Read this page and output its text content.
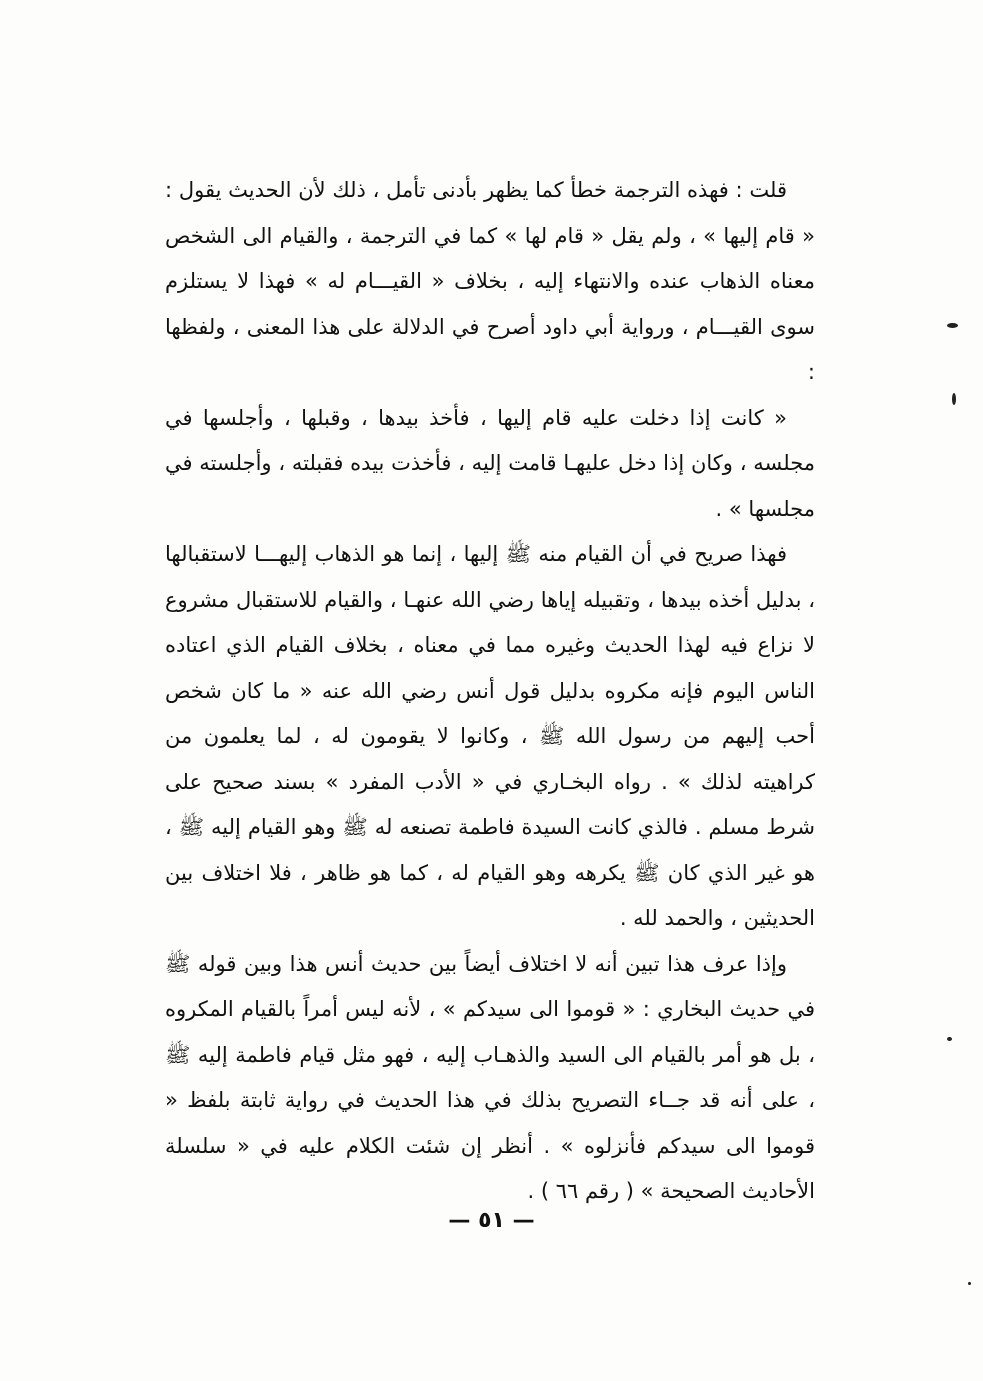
قلت : فهذه الترجمة خطأ كما يظهر بأدنى تأمل ، ذلك لأن الحديث يقول : « قام إليها » ، ولم يقل « قام لها » كما في الترجمة ، والقيام الى الشخص معناه الذهاب عنده والانتهاء إليه ، بخلاف « القيـــام له » فهذا لا يستلزم سوى القيـــام ، ورواية أبي داود أصرح في الدلالة على هذا المعنى ، ولفظها :

« كانت إذا دخلت عليه قام إليها ، فأخذ بيدها ، وقبلها ، وأجلسها في مجلسه ، وكان إذا دخل عليهـا قامت إليه ، فأخذت بيده فقبلته ، وأجلسته في مجلسها » .

فهذا صريح في أن القيام منه ﷺ إليها ، إنما هو الذهاب إليهـــا لاستقبالها ، بدليل أخذه بيدها ، وتقبيله إياها رضي الله عنهـا ، والقيام للاستقبال مشروع لا نزاع فيه لهذا الحديث وغيره مما في معناه ، بخلاف القيام الذي اعتاده الناس اليوم فإنه مكروه بدليل قول أنس رضي الله عنه « ما كان شخص أحب إليهم من رسول الله ﷺ ، وكانوا لا يقومون له ، لما يعلمون من كراهيته لذلك » . رواه البخـاري في « الأدب المفرد » بسند صحيح على شرط مسلم . فالذي كانت السيدة فاطمة تصنعه له ﷺ وهو القيام إليه ﷺ ، هو غير الذي كان ﷺ يكرهه وهو القيام له ، كما هو ظاهر ، فلا اختلاف بين الحديثين ، والحمد لله .

وإذا عرف هذا تبين أنه لا اختلاف أيضاً بين حديث أنس هذا وبين قوله ﷺ في حديث البخاري : « قوموا الى سيدكم » ، لأنه ليس أمراً بالقيام المكروه ، بل هو أمر بالقيام الى السيد والذهـاب إليه ، فهو مثل قيام فاطمة إليه ﷺ ، على أنه قد جــاء التصريح بذلك في هذا الحديث في رواية ثابتة بلفظ « قوموا الى سيدكم فأنزلوه » . أنظر إن شئت الكلام عليه في « سلسلة الأحاديث الصحيحة » ( رقم ٦٦ ) .

— ٥١ —
